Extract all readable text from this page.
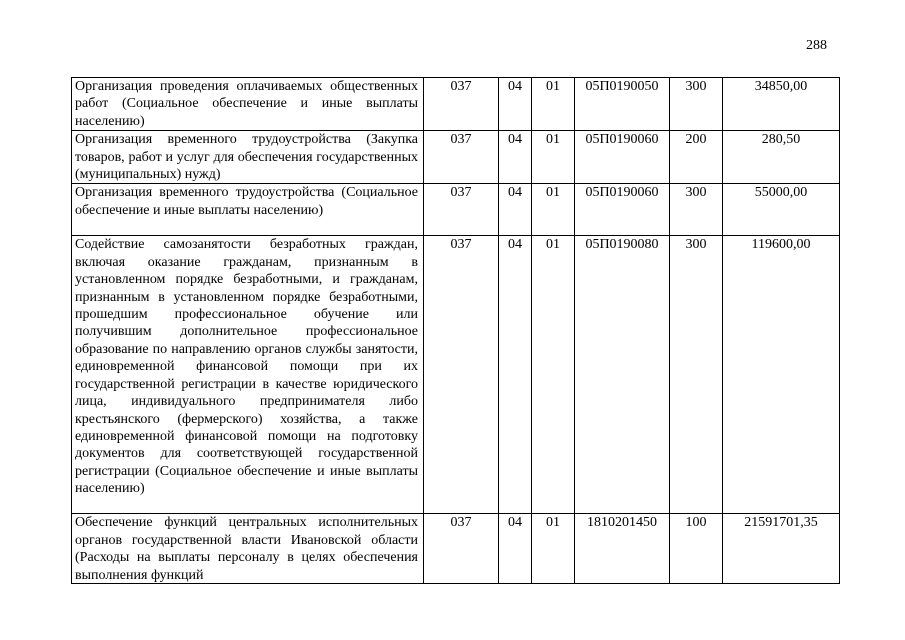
288
Организация проведения оплачиваемых общественных работ (Социальное обеспечение и иные выплаты населению)	037	04	01	05П0190050	300	34850,00
Организация временного трудоустройства (Закупка товаров, работ и услуг для обеспечения государственных (муниципальных) нужд)	037	04	01	05П0190060	200	280,50
Организация временного трудоустройства (Социальное обеспечение и иные выплаты населению)	037	04	01	05П0190060	300	55000,00
Содействие самозанятости безработных граждан, включая оказание гражданам, признанным в установленном порядке безработными, и гражданам, признанным в установленном порядке безработными, прошедшим профессиональное обучение или получившим дополнительное профессиональное образование по направлению органов службы занятости, единовременной финансовой помощи при их государственной регистрации в качестве юридического лица, индивидуального предпринимателя либо крестьянского (фермерского) хозяйства, а также единовременной финансовой помощи на подготовку документов для соответствующей государственной регистрации (Социальное обеспечение и иные выплаты населению)	037	04	01	05П0190080	300	119600,00

Обеспечение функций центральных исполнительных органов государственной власти Ивановской области (Расходы на выплаты персоналу в целях обеспечения выполнения функций	037	04	01	1810201450	100	21591701,35
